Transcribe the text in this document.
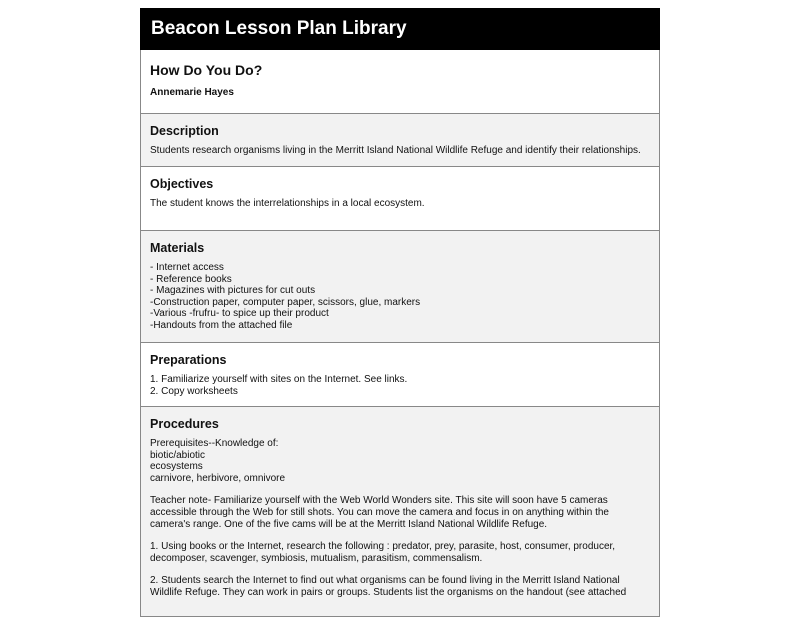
Beacon Lesson Plan Library
How Do You Do?
Annemarie Hayes
Description
Students research organisms living in the Merritt Island National Wildlife Refuge and identify their relationships.
Objectives
The student knows the interrelationships in a local ecosystem.
Materials
- Internet access
- Reference books
- Magazines with pictures for cut outs
-Construction paper, computer paper, scissors, glue, markers
-Various -frufru- to spice up their product
-Handouts from the attached file
Preparations
1. Familiarize yourself with sites on the Internet. See links.
2. Copy worksheets
Procedures
Prerequisites--Knowledge of:
biotic/abiotic
ecosystems
carnivore, herbivore, omnivore
Teacher note- Familiarize yourself with the Web World Wonders site. This site will soon have 5 cameras
accessible through the Web for still shots. You can move the camera and focus in on anything within the
camera's range. One of the five cams will be at the Merritt Island National Wildlife Refuge.
1. Using books or the Internet, research the following : predator, prey, parasite, host, consumer, producer,
decomposer, scavenger, symbiosis, mutualism, parasitism, commensalism.
2. Students search the Internet to find out what organisms can be found living in the Merritt Island National
Wildlife Refuge. They can work in pairs or groups. Students list the organisms on the handout (see attached
